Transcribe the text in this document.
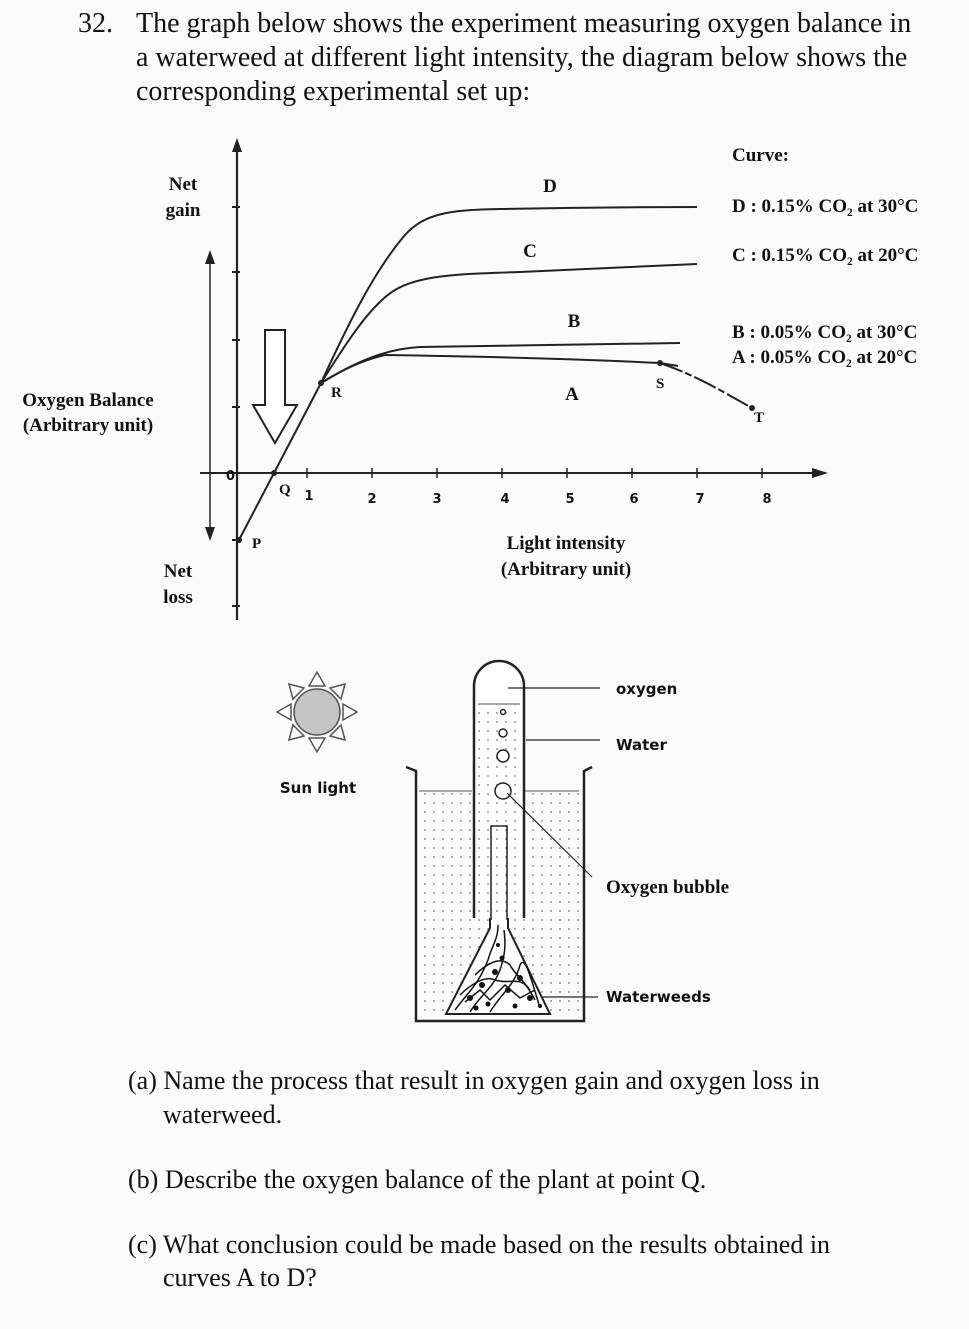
32. The graph below shows the experiment measuring oxygen balance in
a waterweed at different light intensity, the diagram below shows the
corresponding experimental set up:
1	2	3	4	5	6	7	8
0
Net
gain
Oxygen Balance
(Arbitrary unit)
Net
loss
Light intensity
(Arbitrary unit)
P
Q
R
S
T
D
C
B
A
Curve:
D : 0.15% CO₂ at 30°C
C : 0.15% CO₂ at 20°C
B : 0.05% CO₂ at 30°C
A : 0.05% CO₂ at 20°C
Sun light
oxygen
Water
Oxygen bubble
Waterweeds
(a) Name the process that result in oxygen gain and oxygen loss in
waterweed.
(b) Describe the oxygen balance of the plant at point Q.
(c) What conclusion could be made based on the results obtained in
curves A to D?
